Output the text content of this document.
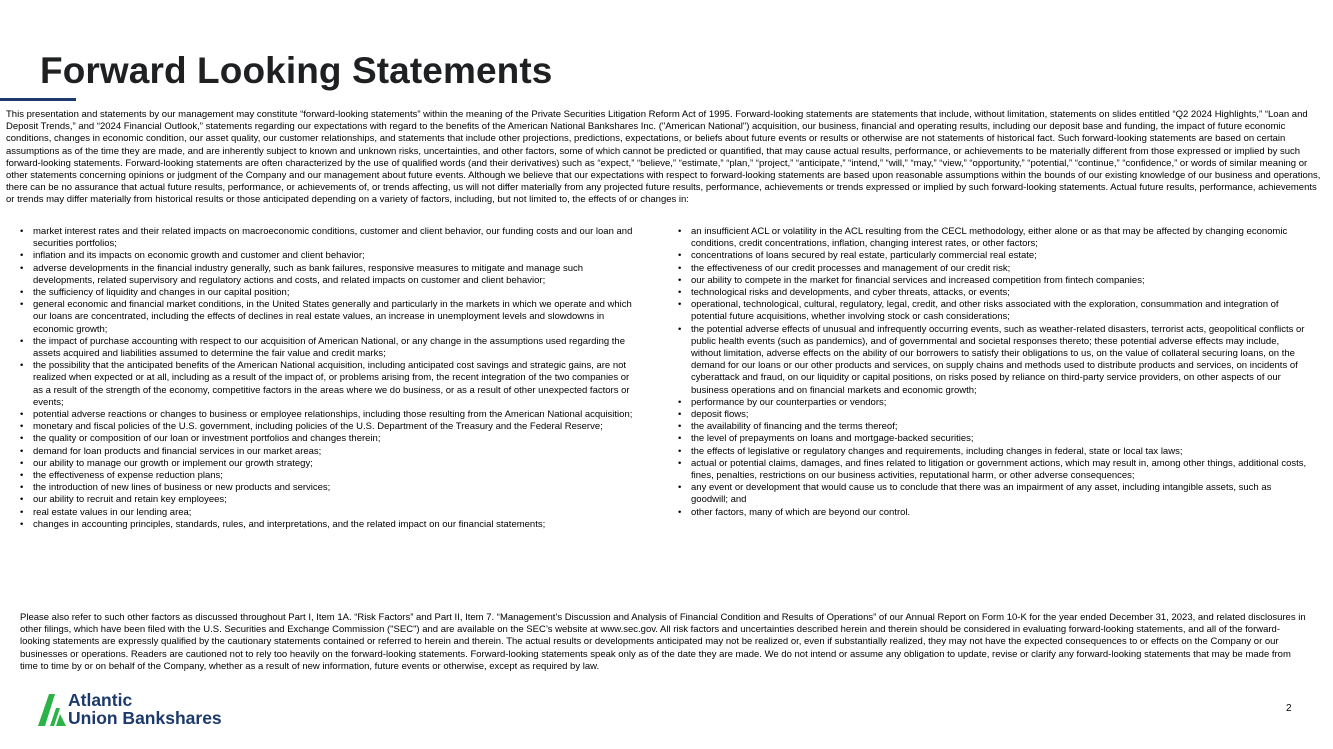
Forward Looking Statements

This presentation and statements by our management may constitute “forward-looking statements” within the meaning of the Private Securities Litigation Reform Act of 1995. Forward-looking statements are statements that include, without limitation, statements on slides entitled “Q2 2024 Highlights,” “Loan and Deposit Trends,” and “2024 Financial Outlook,” statements regarding our expectations with regard to the benefits of the American National Bankshares Inc. ("American National") acquisition, our business, financial and operating results, including our deposit base and funding, the impact of future economic conditions, changes in economic condition, our asset quality, our customer relationships, and statements that include other projections, predictions, expectations, or beliefs about future events or results or otherwise are not statements of historical fact. Such forward-looking statements are based on certain assumptions as of the time they are made, and are inherently subject to known and unknown risks, uncertainties, and other factors, some of which cannot be predicted or quantified, that may cause actual results, performance, or achievements to be materially different from those expressed or implied by such forward-looking statements. Forward-looking statements are often characterized by the use of qualified words (and their derivatives) such as “expect,” “believe,” “estimate,” “plan,” “project,” “anticipate,” “intend,” “will,” “may,” “view,” “opportunity,” “potential,” “continue,” “confidence,” or words of similar meaning or other statements concerning opinions or judgment of the Company and our management about future events. Although we believe that our expectations with respect to forward-looking statements are based upon reasonable assumptions within the bounds of our existing knowledge of our business and operations, there can be no assurance that actual future results, performance, or achievements of, or trends affecting, us will not differ materially from any projected future results, performance, achievements or trends expressed or implied by such forward-looking statements. Actual future results, performance, achievements or trends may differ materially from historical results or those anticipated depending on a variety of factors, including, but not limited to, the effects of or changes in:

• market interest rates and their related impacts on macroeconomic conditions, customer and client behavior, our funding costs and our loan and securities portfolios;
• inflation and its impacts on economic growth and customer and client behavior;
• adverse developments in the financial industry generally, such as bank failures, responsive measures to mitigate and manage such developments, related supervisory and regulatory actions and costs, and related impacts on customer and client behavior;
• the sufficiency of liquidity and changes in our capital position;
• general economic and financial market conditions, in the United States generally and particularly in the markets in which we operate and which our loans are concentrated, including the effects of declines in real estate values, an increase in unemployment levels and slowdowns in economic growth;
• the impact of purchase accounting with respect to our acquisition of American National, or any change in the assumptions used regarding the assets acquired and liabilities assumed to determine the fair value and credit marks;
• the possibility that the anticipated benefits of the American National acquisition, including anticipated cost savings and strategic gains, are not realized when expected or at all, including as a result of the impact of, or problems arising from, the recent integration of the two companies or as a result of the strength of the economy, competitive factors in the areas where we do business, or as a result of other unexpected factors or events;
• potential adverse reactions or changes to business or employee relationships, including those resulting from the American National acquisition;
• monetary and fiscal policies of the U.S. government, including policies of the U.S. Department of the Treasury and the Federal Reserve;
• the quality or composition of our loan or investment portfolios and changes therein;
• demand for loan products and financial services in our market areas;
• our ability to manage our growth or implement our growth strategy;
• the effectiveness of expense reduction plans;
• the introduction of new lines of business or new products and services;
• our ability to recruit and retain key employees;
• real estate values in our lending area;
• changes in accounting principles, standards, rules, and interpretations, and the related impact on our financial statements;
• an insufficient ACL or volatility in the ACL resulting from the CECL methodology, either alone or as that may be affected by changing economic conditions, credit concentrations, inflation, changing interest rates, or other factors;
• concentrations of loans secured by real estate, particularly commercial real estate;
• the effectiveness of our credit processes and management of our credit risk;
• our ability to compete in the market for financial services and increased competition from fintech companies;
• technological risks and developments, and cyber threats, attacks, or events;
• operational, technological, cultural, regulatory, legal, credit, and other risks associated with the exploration, consummation and integration of potential future acquisitions, whether involving stock or cash considerations;
• the potential adverse effects of unusual and infrequently occurring events, such as weather-related disasters, terrorist acts, geopolitical conflicts or public health events (such as pandemics), and of governmental and societal responses thereto; these potential adverse effects may include, without limitation, adverse effects on the ability of our borrowers to satisfy their obligations to us, on the value of collateral securing loans, on the demand for our loans or our other products and services, on supply chains and methods used to distribute products and services, on incidents of cyberattack and fraud, on our liquidity or capital positions, on risks posed by reliance on third-party service providers, on other aspects of our business operations and on financial markets and economic growth;
• performance by our counterparties or vendors;
• deposit flows;
• the availability of financing and the terms thereof;
• the level of prepayments on loans and mortgage-backed securities;
• the effects of legislative or regulatory changes and requirements, including changes in federal, state or local tax laws;
• actual or potential claims, damages, and fines related to litigation or government actions, which may result in, among other things, additional costs, fines, penalties, restrictions on our business activities, reputational harm, or other adverse consequences;
• any event or development that would cause us to conclude that there was an impairment of any asset, including intangible assets, such as goodwill; and
• other factors, many of which are beyond our control.

Please also refer to such other factors as discussed throughout Part I, Item 1A. “Risk Factors” and Part II, Item 7. “Management’s Discussion and Analysis of Financial Condition and Results of Operations” of our Annual Report on Form 10-K for the year ended December 31, 2023, and related disclosures in other filings, which have been filed with the U.S. Securities and Exchange Commission ("SEC") and are available on the SEC’s website at www.sec.gov. All risk factors and uncertainties described herein and therein should be considered in evaluating forward-looking statements, and all of the forward-looking statements are expressly qualified by the cautionary statements contained or referred to herein and therein. The actual results or developments anticipated may not be realized or, even if substantially realized, they may not have the expected consequences to or effects on the Company or our businesses or operations. Readers are cautioned not to rely too heavily on the forward-looking statements. Forward-looking statements speak only as of the date they are made. We do not intend or assume any obligation to update, revise or clarify any forward-looking statements that may be made from time to time by or on behalf of the Company, whether as a result of new information, future events or otherwise, except as required by law.

Atlantic
Union Bankshares	2
